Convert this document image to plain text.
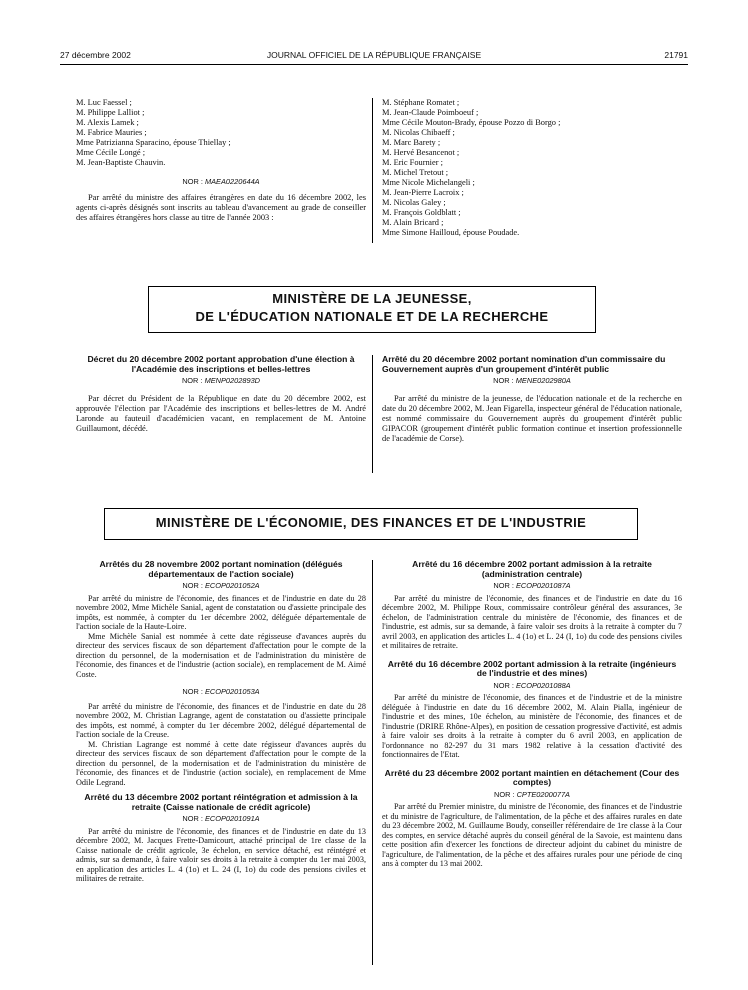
27 décembre 2002	JOURNAL OFFICIEL DE LA RÉPUBLIQUE FRANÇAISE	21791
M. Luc Faessel ;
M. Philippe Lalliot ;
M. Alexis Lamek ;
M. Fabrice Mauries ;
Mme Patrizianna Sparacino, épouse Thiellay ;
Mme Cécile Longé ;
M. Jean-Baptiste Chauvin.
NOR : MAEA0220644A

Par arrêté du ministre des affaires étrangères en date du 16 décembre 2002, les agents ci-après désignés sont inscrits au tableau d'avancement au grade de conseiller des affaires étrangères hors classe au titre de l'année 2003 :

M. Stéphane Romatet ;
M. Jean-Claude Poimboeuf ;
Mme Cécile Mouton-Brady, épouse Pozzo di Borgo ;
M. Nicolas Chibaeff ;
M. Marc Barety ;
M. Hervé Besancenot ;
M. Eric Fournier ;
M. Michel Tretout ;
Mme Nicole Michelangeli ;
M. Jean-Pierre Lacroix ;
M. Nicolas Galey ;
M. François Goldblatt ;
M. Alain Bricard ;
Mme Simone Hailloud, épouse Poudade.
MINISTÈRE DE LA JEUNESSE,
DE L'ÉDUCATION NATIONALE ET DE LA RECHERCHE
Décret du 20 décembre 2002 portant approbation d'une élection à l'Académie des inscriptions et belles-lettres
NOR : MENP0202893D

Par décret du Président de la République en date du 20 décembre 2002, est approuvée l'élection par l'Académie des inscriptions et belles-lettres de M. André Laronde au fauteuil d'académicien vacant, en remplacement de M. Antoine Guillaumont, décédé.

Arrêté du 20 décembre 2002 portant nomination d'un commissaire du Gouvernement auprès d'un groupement d'intérêt public
NOR : MENE0202980A

Par arrêté du ministre de la jeunesse, de l'éducation nationale et de la recherche en date du 20 décembre 2002, M. Jean Figarella, inspecteur général de l'éducation nationale, est nommé commissaire du Gouvernement auprès du groupement d'intérêt public GIPACOR (groupement d'intérêt public formation continue et insertion professionnelle de l'académie de Corse).

MINISTÈRE DE L'ÉCONOMIE, DES FINANCES ET DE L'INDUSTRIE
Arrêtés du 28 novembre 2002 portant nomination (délégués départementaux de l'action sociale)
NOR : ECOP0201052A

Par arrêté du ministre de l'économie, des finances et de l'industrie en date du 28 novembre 2002, Mme Michèle Sanial, agent de constatation ou d'assiette principale des impôts, est nommée, à compter du 1er décembre 2002, déléguée départementale de l'action sociale de la Haute-Loire.

Mme Michèle Sanial est nommée à cette date régisseuse d'avances auprès du directeur des services fiscaux de son département d'affectation pour le compte de la direction du personnel, de la modernisation et de l'administration du ministère de l'économie, des finances et de l'industrie (action sociale), en remplacement de M. Aimé Coste.

NOR : ECOP0201053A

Par arrêté du ministre de l'économie, des finances et de l'industrie en date du 28 novembre 2002, M. Christian Lagrange, agent de constatation ou d'assiette principale des impôts, est nommé, à compter du 1er décembre 2002, délégué départemental de l'action sociale de la Creuse.

M. Christian Lagrange est nommé à cette date régisseur d'avances auprès du directeur des services fiscaux de son département d'affectation pour le compte de la direction du personnel, de la modernisation et de l'administration du ministère de l'économie, des finances et de l'industrie (action sociale), en remplacement de Mme Odile Legrand.

Arrêté du 13 décembre 2002 portant réintégration et admission à la retraite (Caisse nationale de crédit agricole)
NOR : ECOP0201091A

Par arrêté du ministre de l'économie, des finances et de l'industrie en date du 13 décembre 2002, M. Jacques Frette-Damicourt, attaché principal de 1re classe de la Caisse nationale de crédit agricole, 3e échelon, en service détaché, est réintégré et admis, sur sa demande, à faire valoir ses droits à la retraite à compter du 1er mai 2003, en application des articles L. 4 (1o) et L. 24 (I, 1o) du code des pensions civiles et militaires de retraite.

Arrêté du 16 décembre 2002 portant admission à la retraite (administration centrale)
NOR : ECOP0201087A

Par arrêté du ministre de l'économie, des finances et de l'industrie en date du 16 décembre 2002, M. Philippe Roux, commissaire contrôleur général des assurances, 3e échelon, de l'administration centrale du ministère de l'économie, des finances et de l'industrie, est admis, sur sa demande, à faire valoir ses droits à la retraite à compter du 7 avril 2003, en application des articles L. 4 (1o) et L. 24 (I, 1o) du code des pensions civiles et militaires de retraite.

Arrêté du 16 décembre 2002 portant admission à la retraite (ingénieurs de l'industrie et des mines)
NOR : ECOP0201088A

Par arrêté du ministre de l'économie, des finances et de l'industrie et de la ministre déléguée à l'industrie en date du 16 décembre 2002, M. Alain Pialla, ingénieur de l'industrie et des mines, 10e échelon, au ministère de l'économie, des finances et de l'industrie (DRIRE Rhône-Alpes), en position de cessation progressive d'activité, est admis à faire valoir ses droits à la retraite à compter du 6 avril 2003, en application de l'ordonnance no 82-297 du 31 mars 1982 relative à la cessation d'activité des fonctionnaires de l'Etat.

Arrêté du 23 décembre 2002 portant maintien en détachement (Cour des comptes)
NOR : CPTE0200077A

Par arrêté du Premier ministre, du ministre de l'économie, des finances et de l'industrie et du ministre de l'agriculture, de l'alimentation, de la pêche et des affaires rurales en date du 23 décembre 2002, M. Guillaume Boudy, conseiller référendaire de 1re classe à la Cour des comptes, en service détaché auprès du conseil général de la Savoie, est maintenu dans cette position afin d'exercer les fonctions de directeur adjoint du cabinet du ministre de l'agriculture, de l'alimentation, de la pêche et des affaires rurales pour une période de cinq ans à compter du 13 mai 2002.
